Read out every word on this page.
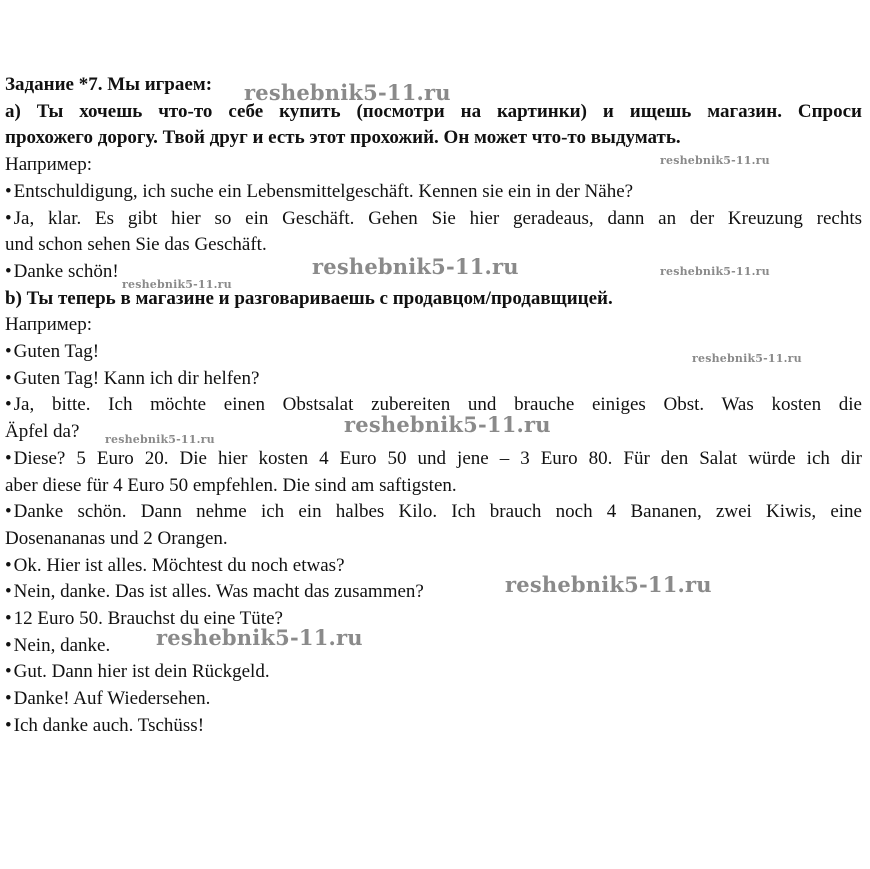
Задание *7. Мы играем:
а) Ты хочешь что-то себе купить (посмотри на картинки) и ищешь магазин. Спроси
прохожего дорогу. Твой друг и есть этот прохожий. Он может что-то выдумать.
Например:
• Entschuldigung, ich suche ein Lebensmittelgeschäft. Kennen sie ein in der Nähe?
• Ja, klar. Es gibt hier so ein Geschäft. Gehen Sie hier geradeaus, dann an der Kreuzung rechts
und schon sehen Sie das Geschäft.
• Danke schön!
b) Ты теперь в магазине и разговариваешь с продавцом/продавщицей.
Например:
• Guten Tag!
• Guten Tag! Kann ich dir helfen?
• Ja, bitte. Ich möchte einen Obstsalat zubereiten und brauche einiges Obst. Was kosten die
Äpfel da?
• Diese? 5 Euro 20. Die hier kosten 4 Euro 50 und jene – 3 Euro 80. Für den Salat würde ich dir
aber diese für 4 Euro 50 empfehlen. Die sind am saftigsten.
• Danke schön. Dann nehme ich ein halbes Kilo. Ich brauch noch 4 Bananen, zwei Kiwis, eine
Dosenananas und 2 Orangen.
• Ok. Hier ist alles. Möchtest du noch etwas?
• Nein, danke. Das ist alles. Was macht das zusammen?
• 12 Euro 50. Brauchst du eine Tüte?
• Nein, danke.
• Gut. Dann hier ist dein Rückgeld.
• Danke! Auf Wiedersehen.
• Ich danke auch. Tschüss!
reshebnik5-11.ru
reshebnik5-11.ru
reshebnik5-11.ru	reshebnik5-11.ru
reshebnik5-11.ru
reshebnik5-11.ru
reshebnik5-11.ru
reshebnik5-11.ru
reshebnik5-11.ru
reshebnik5-11.ru
